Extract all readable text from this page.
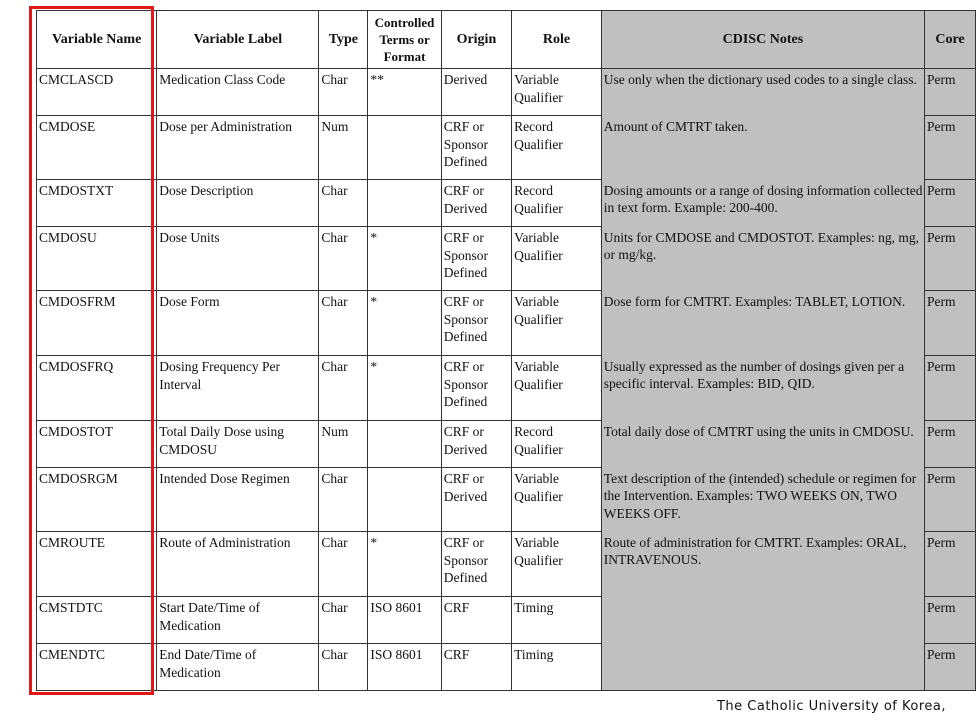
Variable Name	Variable Label	Type	Controlled Terms or Format	Origin	Role	CDISC Notes	Core
CMCLASCD	Medication Class Code	Char	**	Derived	Variable Qualifier	Use only when the dictionary used codes to a single class.	Perm
CMDOSE	Dose per Administration	Num		CRF or Sponsor Defined	Record Qualifier	Amount of CMTRT taken.	Perm
CMDOSTXT	Dose Description	Char		CRF or Derived	Record Qualifier	Dosing amounts or a range of dosing information collected in text form. Example: 200-400.	Perm
CMDOSU	Dose Units	Char	*	CRF or Sponsor Defined	Variable Qualifier	Units for CMDOSE and CMDOSTOT. Examples: ng, mg, or mg/kg.	Perm
CMDOSFRM	Dose Form	Char	*	CRF or Sponsor Defined	Variable Qualifier	Dose form for CMTRT. Examples: TABLET, LOTION.	Perm
CMDOSFRQ	Dosing Frequency Per Interval	Char	*	CRF or Sponsor Defined	Variable Qualifier	Usually expressed as the number of dosings given per a specific interval. Examples: BID, QID.	Perm
CMDOSTOT	Total Daily Dose using CMDOSU	Num		CRF or Derived	Record Qualifier	Total daily dose of CMTRT using the units in CMDOSU.	Perm
CMDOSRGM	Intended Dose Regimen	Char		CRF or Derived	Variable Qualifier	Text description of the (intended) schedule or regimen for the Intervention. Examples: TWO WEEKS ON, TWO WEEKS OFF.	Perm
CMROUTE	Route of Administration	Char	*	CRF or Sponsor Defined	Variable Qualifier	Route of administration for CMTRT. Examples: ORAL, INTRAVENOUS.	Perm
CMSTDTC	Start Date/Time of Medication	Char	ISO 8601	CRF	Timing		Perm
CMENDTC	End Date/Time of Medication	Char	ISO 8601	CRF	Timing		Perm
The Catholic University of Korea,
